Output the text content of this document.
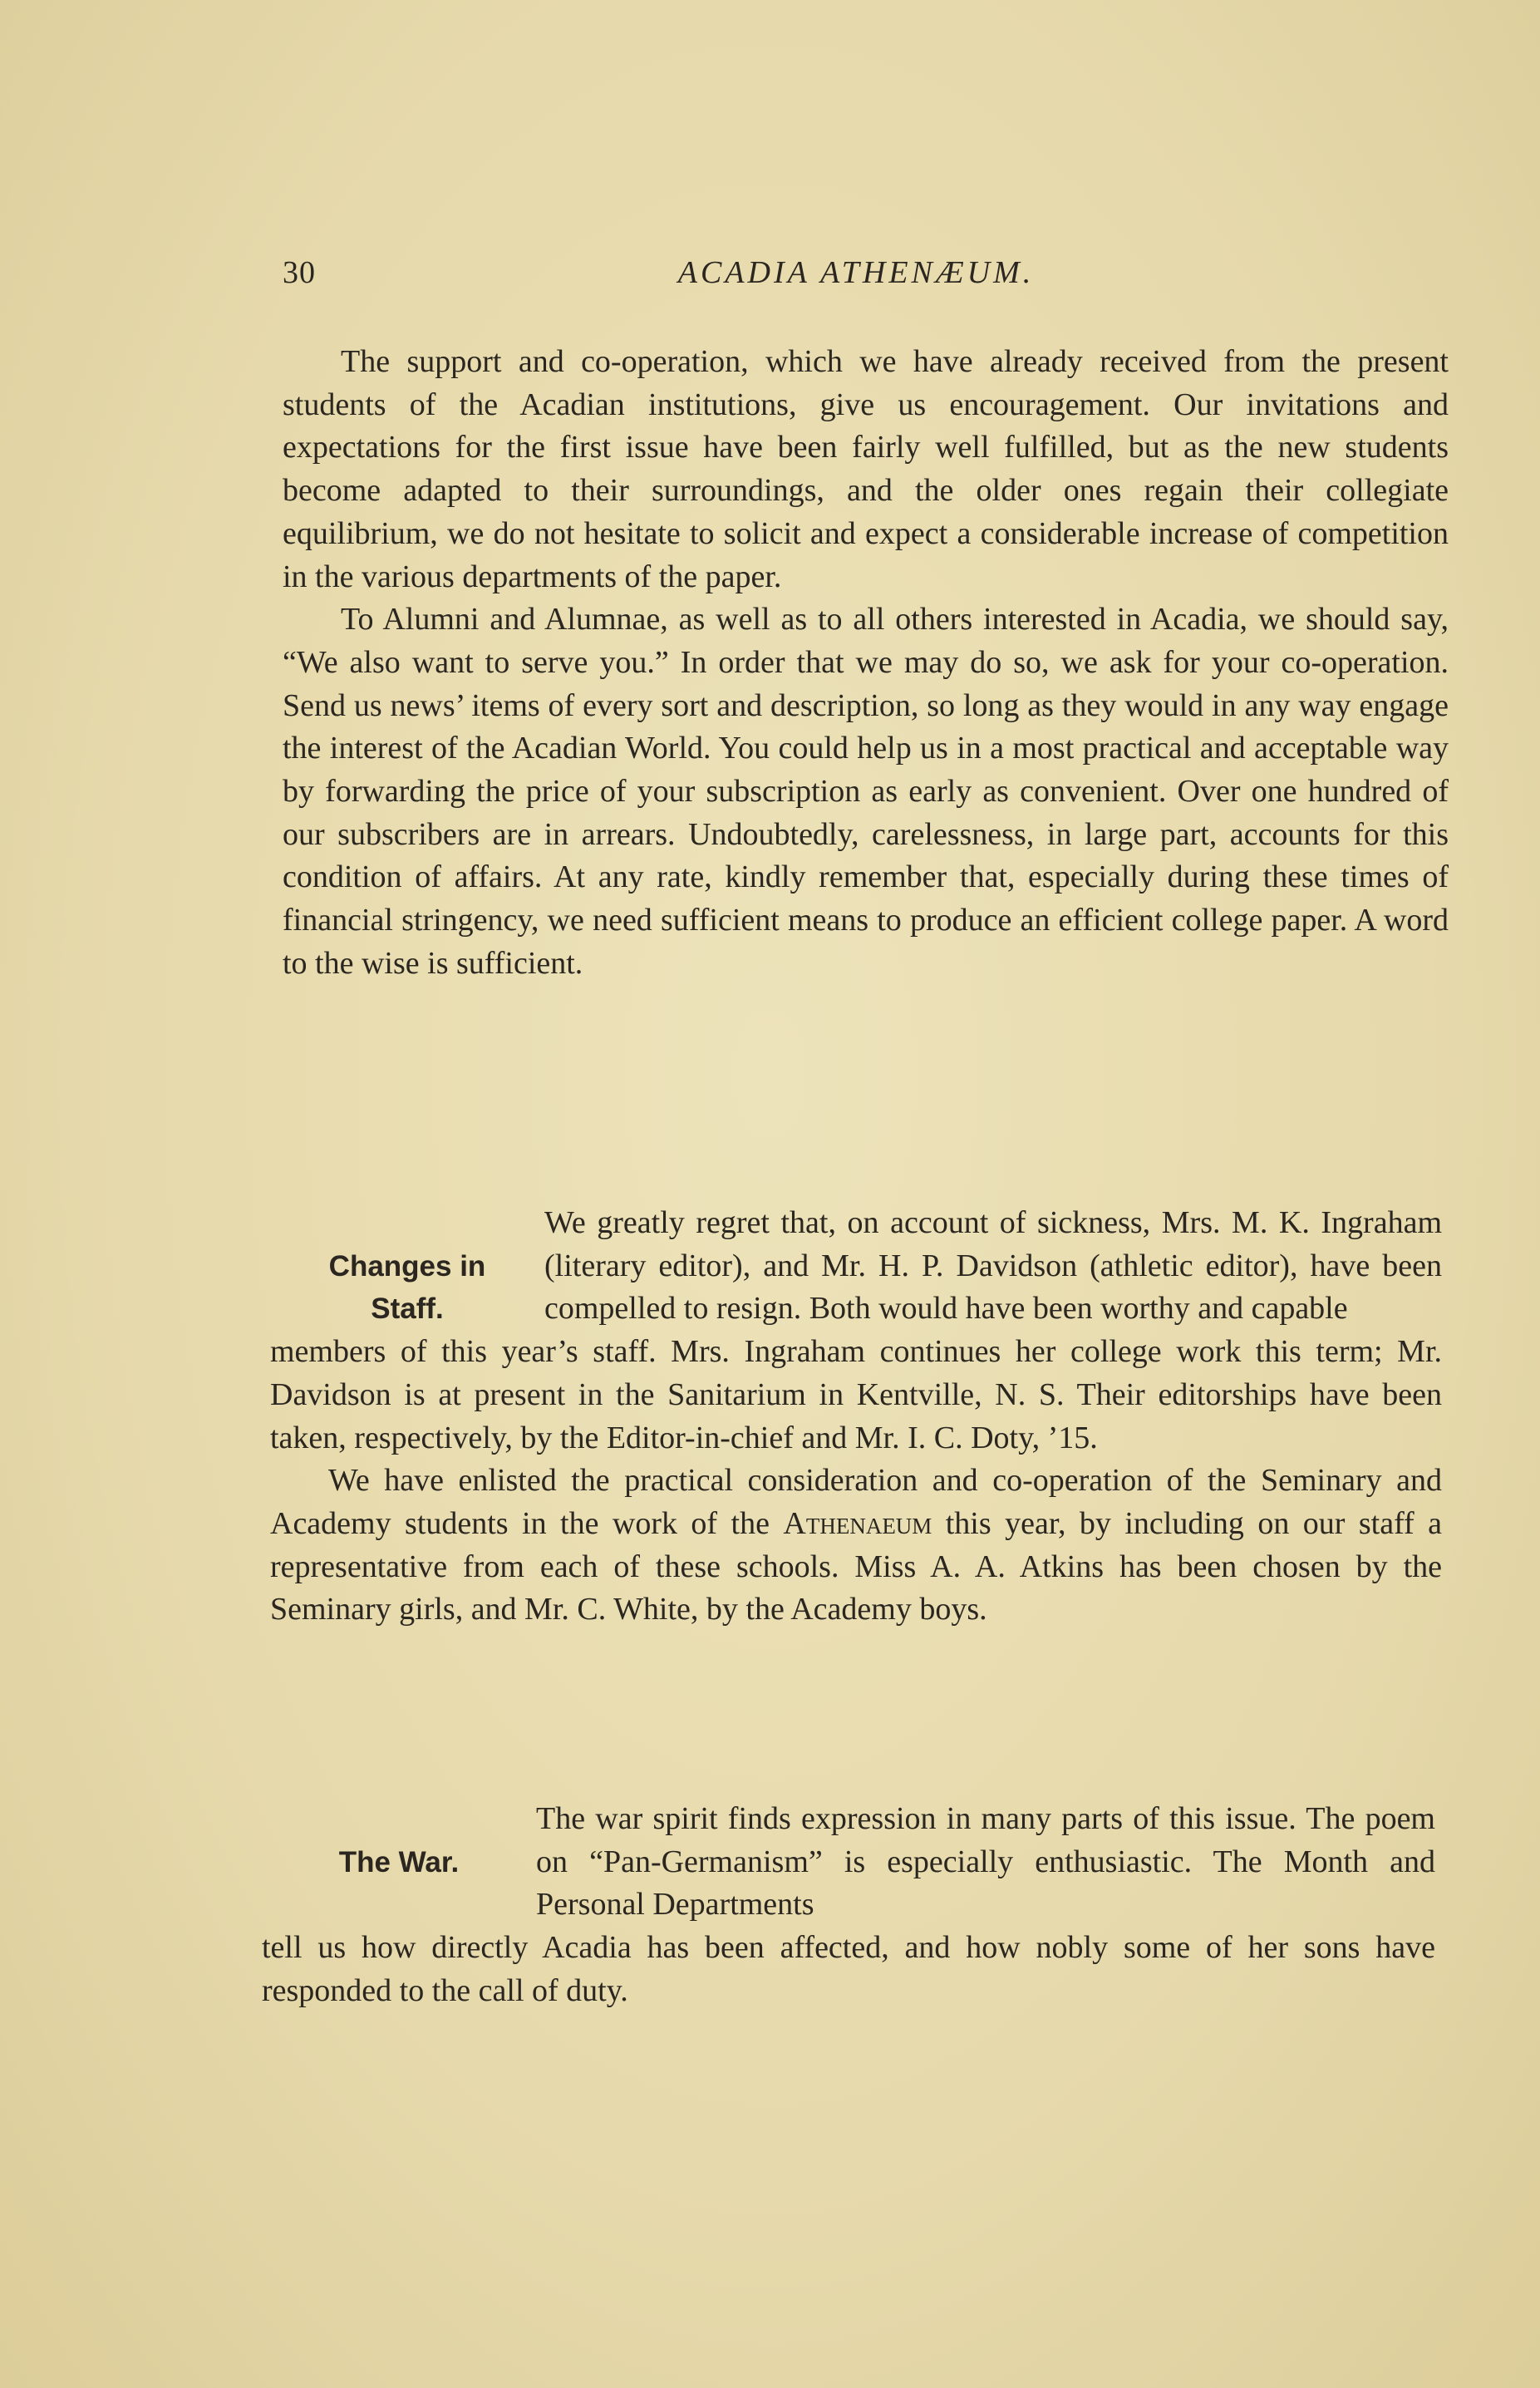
30	ACADIA ATHENÆUM.

The support and co-operation, which we have already received from the present students of the Acadian institutions, give us encouragement. Our invitations and expectations for the first issue have been fairly well fulfilled, but as the new students become adapted to their surroundings, and the older ones regain their collegiate equilibrium, we do not hesitate to solicit and expect a considerable increase of competition in the various departments of the paper.

To Alumni and Alumnae, as well as to all others interested in Acadia, we should say, “We also want to serve you.” In order that we may do so, we ask for your co-operation. Send us news’ items of every sort and description, so long as they would in any way engage the interest of the Acadian World. You could help us in a most practical and acceptable way by forwarding the price of your subscription as early as convenient. Over one hundred of our subscribers are in arrears. Undoubtedly, carelessness, in large part, accounts for this condition of affairs. At any rate, kindly remember that, especially during these times of financial stringency, we need sufficient means to produce an efficient college paper. A word to the wise is sufficient.

Changes in
Staff.

We greatly regret that, on account of sickness, Mrs. M. K. Ingraham (literary editor), and Mr. H. P. Davidson (athletic editor), have been compelled to resign. Both would have been worthy and capable

members of this year’s staff. Mrs. Ingraham continues her college work this term; Mr. Davidson is at present in the Sanitarium in Kentville, N. S. Their editorships have been taken, respectively, by the Editor-in-chief and Mr. I. C. Doty, ’15.

We have enlisted the practical consideration and co-operation of the Seminary and Academy students in the work of the Athenaeum this year, by including on our staff a representative from each of these schools. Miss A. A. Atkins has been chosen by the Seminary girls, and Mr. C. White, by the Academy boys.

The War.

The war spirit finds expression in many parts of this issue. The poem on “Pan-Germanism” is especially enthusiastic. The Month and Personal Departments

tell us how directly Acadia has been affected, and how nobly some of her sons have responded to the call of duty.
